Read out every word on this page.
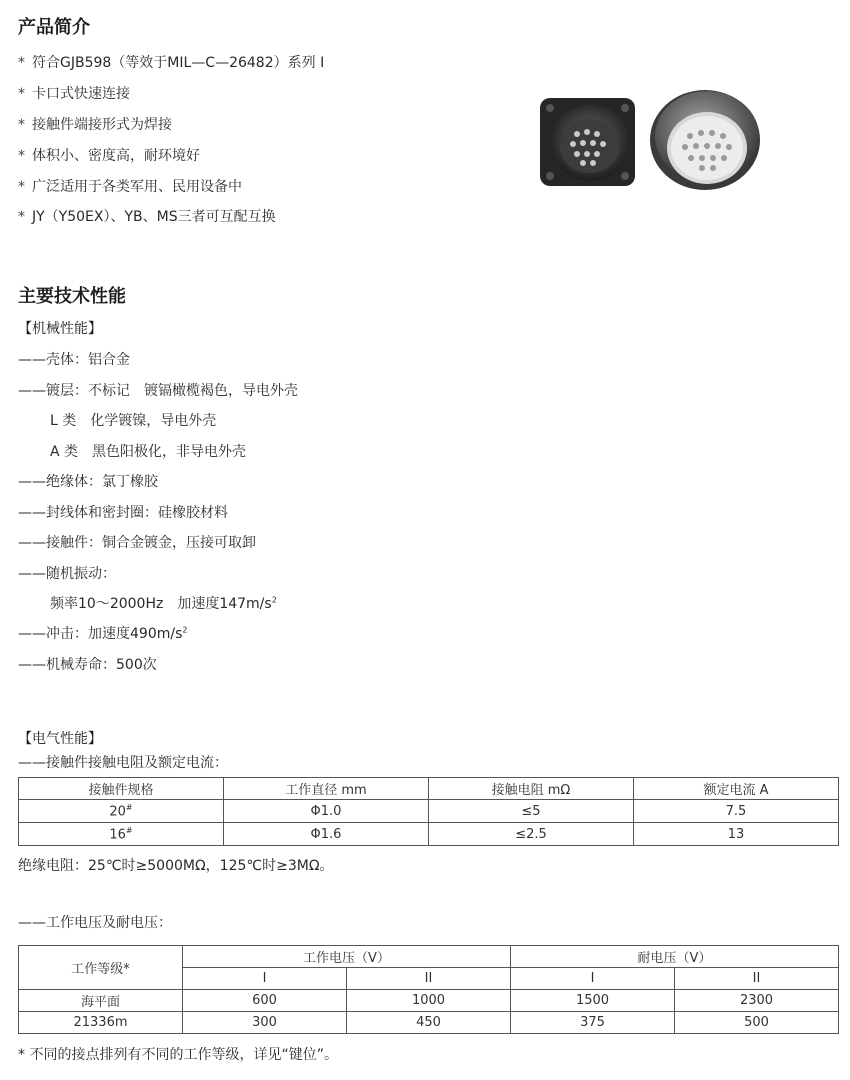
产品简介
* 符合GJB598（等效于MIL—C—26482）系列 I
* 卡口式快速连接
* 接触件端接形式为焊接
* 体积小、密度高，耐环境好
* 广泛适用于各类军用、民用设备中
* JY（Y50EX）、YB、MS三者可互配互换
主要技术性能
【机械性能】
——壳体：铝合金
——镀层：不标记　镀镉橄榄褐色，导电外壳
L 类　化学镀镍，导电外壳
A 类　黑色阳极化，非导电外壳
——绝缘体：氯丁橡胶
——封线体和密封圈：硅橡胶材料
——接触件：铜合金镀金，压接可取卸
——随机振动：
频率10～2000Hz　加速度$147m/s^2$
——冲击：加速度$490m/s^2$
——机械寿命：500次
【电气性能】
——接触件接触电阻及额定电流：
接触件规格	工作直径 mm	接触电阻 mΩ	额定电流 A
20#	Φ1.0	≤5	7.5
16#	Φ1.6	≤2.5	13
绝缘电阻：25℃时≥5000MΩ，125℃时≥3MΩ。
——工作电压及耐电压：
工作等级*	工作电压（V）		耐电压（V）	
	I	II	I	II
海平面	600	1000	1500	2300
21336m	300	450	375	500
* 不同的接点排列有不同的工作等级，详见“键位”。
